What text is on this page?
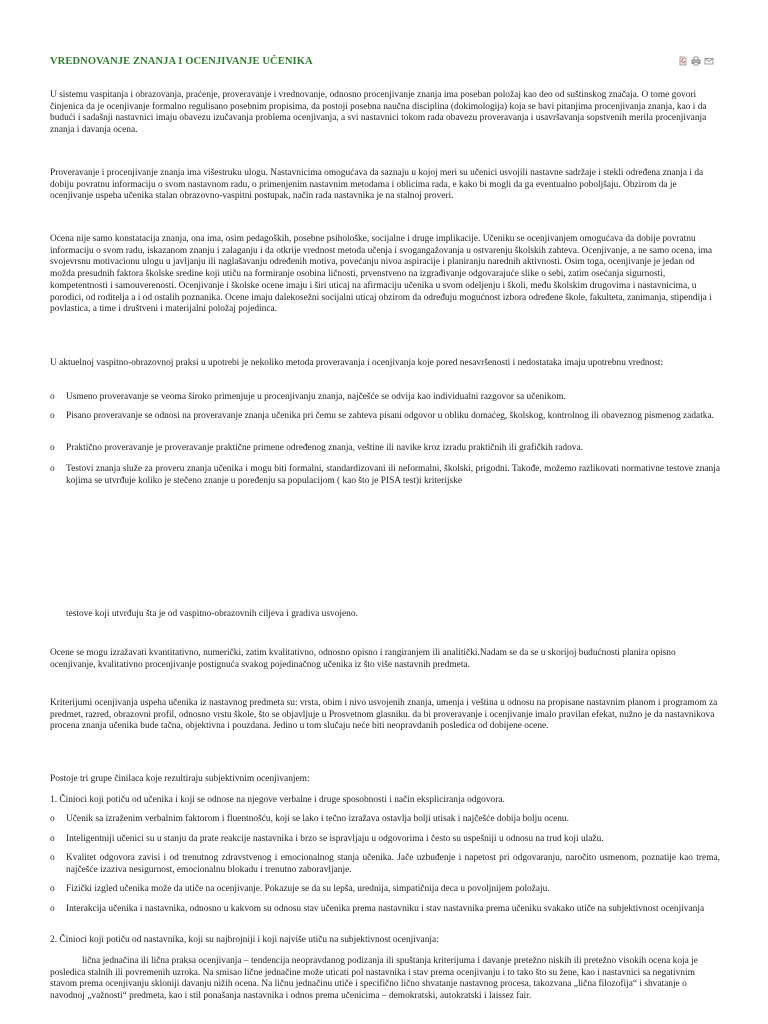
VREDNOVANJE ZNANJA I OCENJIVANJE UČENIKA

U sistemu vaspitanja i obrazovanja, praćenje, proveravanje i vrednovanje, odnosno procenjivanje znanja ima poseban položaj kao deo od suštinskog značaja. O tome govori činjenica da je ocenjivanje formalno regulisano posebnim propisima, da postoji posebna naučna disciplina (dokimologija) koja se bavi pitanjima procenjivanja znanja, kao i da budući i sadašnji nastavnici imaju obavezu izučavanja problema ocenjivanja, a svi nastavnici tokom rada obavezu proveravanja i usavršavanja sopstvenih merila procenjivanja znanja i davanja ocena.

Proveravanje i procenjivanje znanja ima višestruku ulogu. Nastavnicima omogućava da saznaju u kojoj meri su učenici usvojili nastavne sadržaje i stekli određena znanja i da dobiju povratnu informaciju o svom nastavnom radu, o primenjenim nastavnim metodama i oblicima rada, e kako bi mogli da ga eventualno poboljšaju. Obzirom da je ocenjivanje uspeha učenika stalan obrazovno-vaspitni postupak, način rada nastavnika je na stalnoj proveri.

Ocena nije samo konstatacija znanja, ona ima, osim pedagoških, posebne psihološke, socijalne i druge implikacije. Učeniku se ocenjivanjem omogućava da dobije povratnu informaciju o svom radu, iskazanom znanju i zalaganju i da otkrije vrednost metoda učenja i svogangažovanja u ostvarenju školskih zahteva. Ocenjivanje, a ne samo ocena, ima svojevrsnu motivacionu ulogu u javljanju ili naglašavanju određenih motiva, povećanju nivoa aspiracije i planiranju narednih aktivnosti. Osim toga, ocenjivanje je jedan od možda presudnih faktora školske sredine koji utiču na formiranje osobina ličnosti, prvenstveno na izgrađivanje odgovarajuće slike o sebi, zatim osećanja sigurnosti, kompetentnosti i samouverenosti. Ocenjivanje i školske ocene imaju i širi uticaj na afirmaciju učenika u svom odeljenju i školi, među školskim drugovima i nastavnicima, u porodici, od roditelja a i od ostalih poznanika. Ocene imaju dalekosežni socijalni uticaj obzirom da određuju mogućnost izbora određene škole, fakulteta, zanimanja, stipendija i povlastica, a time i društveni i materijalni položaj pojedinca.

U aktuelnoj vaspitno-obrazovnoj praksi u upotrebi je nekoliko metoda proveravanja i ocenjivanja koje pored nesavršenosti i nedostataka imaju upotrebnu vrednost:

o Usmeno proveravanje se veoma široko primenjuje u procenjivanju znanja, najčešće se odvija kao individualni razgovor sa učenikom.
o Pisano proveravanje se odnosi na proveravanje znanja učenika pri čemu se zahteva pisani odgovor u obliku domaćeg, školskog, kontrolnog ili obaveznog pismenog zadatka.
o Praktično proveravanje je proveravanje praktične primene određenog znanja, veštine ili navike kroz izradu praktičnih ili grafičkih radova.
o Testovi znanja služe za proveru znanja učenika i mogu biti formalni, standardizovani ili neformalni, školski, prigodni. Takođe, možemo razlikovati normativne testove znanja kojima se utvrđuje koliko je stečeno znanje u poređenju sa populacijom ( kao što je PISA test)i kriterijske

testove koji utvrđuju šta je od vaspitno-obrazovnih ciljeva i gradiva usvojeno.

Ocene se mogu izražavati kvantitativno, numerički, zatim kvalitativno, odnosno opisno i rangiranjem ili analitički.Nadam se da se u skorijoj budućnosti planira opisno ocenjivanje, kvalitativno procenjivanje postignuća svakog pojedinačnog učenika iz što više nastavnih predmeta.

Kriterijumi ocenjivanja uspeha učenika iz nastavnog predmeta su: vrsta, obim i nivo usvojenih znanja, umenja i veština u odnosu na propisane nastavnim planom i programom za predmet, razred, obrazovni profil, odnosno vrstu škole, što se objavljuje u Prosvetnom glasniku. da bi proveravanje i ocenjivanje imalo pravilan efekat, nužno je da nastavnikova procena znanja učenika bude tačna, objektivna i pouzdana. Jedino u tom slučaju neće biti neopravdanih posledica od dobijene ocene.

Postoje tri grupe činilaca koje rezultiraju subjektivnim ocenjivanjem:

1. Činioci koji potiču od učenika i koji se odnose na njegove verbalne i druge sposobnosti i način ekspliciranja odgovora.

o Učenik sa izraženim verbalnim faktorom i fluentnošću, koji se lako i tečno izražava ostavlja bolji utisak i najčešće dobija bolju ocenu.
o Inteligentniji učenici su u stanju da prate reakcije nastavnika i brzo se ispravljaju u odgovorima i često su uspešniji u odnosu na trud koji ulažu.
o Kvalitet odgovora zavisi i od trenutnog zdravstvenog i emocionalnog stanja učenika. Jače uzbuđenje i napetost pri odgovaranju, naročito usmenom, poznatije kao trema, najčešće izaziva nesigurnost, emocionalnu blokadu i trenutno zaboravljanje.
o Fizički izgled učenika može da utiče na ocenjivanje. Pokazuje se da su lepša, urednija, simpatičnija deca u povoljnijem položaju.
o Interakcija učenika i nastavnika, odnosno u kakvom su odnosu stav učenika prema nastavniku i stav nastavnika prema učeniku svakako utiče na subjektivnost ocenjivanja

2. Činioci koji potiču od nastavnika, koji su najbrojniji i koji najviše utiču na subjektivnost ocenjivanja:

lična jednačina ili lična praksa ocenjivanja – tendencija neopravdanog podizanja ili spuštanja kriterijuma i davanje pretežno niskih ili pretežno visokih ocena koja je posledica stalnih ili povremenih uzroka. Na smisao lične jednačine može uticati pol nastavnika i stav prema ocenjivanju i to tako što su žene, kao i nastavnici sa negativnim stavom prema ocenjivanju skloniji davanju nižih ocena. Na ličnu jednačinu utiče i specifično lično shvatanje nastavnog procesa, takozvana „lična filozofija“ i shvatanje o navodnoj „važnosti“ predmeta, kao i stil ponašanja nastavnika i odnos prema učenicima – demokratski, autokratski i laissez fair.
